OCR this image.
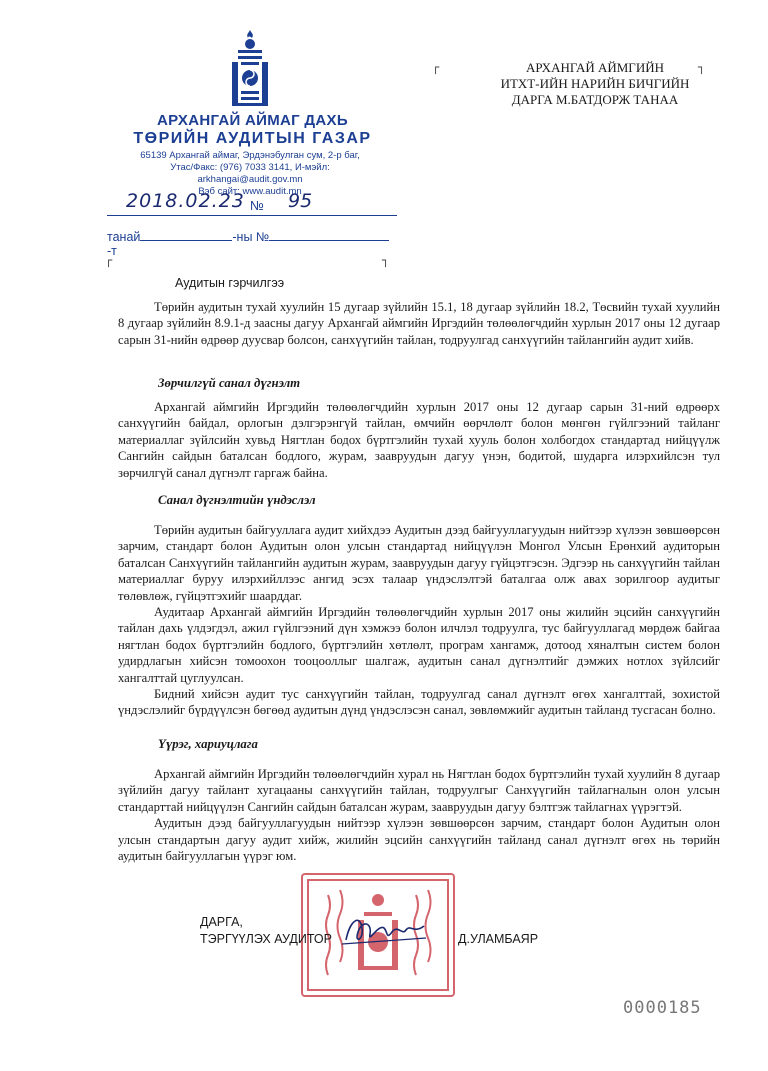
АРХАНГАЙ АЙМАГ ДАХЬ
ТӨРИЙН АУДИТЫН ГАЗАР
65139 Архангай аймаг, Эрдэнэбулган сум, 2-р баг,
Утас/Факс: (976) 7033 3141, И-мэйл: arkhangai@audit.gov.mn
Вэб сайт: www.audit.mn
2018.02.23 № 95
танай	-ны №-т
┌	┐
Аудитын гэрчилгээ
┌	┐
АРХАНГАЙ АЙМГИЙН
ИТХТ-ИЙН НАРИЙН БИЧГИЙН
ДАРГА М.БАТДОРЖ ТАНАА

Төрийн аудитын тухай хуулийн 15 дугаар зүйлийн 15.1, 18 дугаар зүйлийн 18.2, Төсвийн тухай хуулийн 8 дугаар зүйлийн 8.9.1-д заасны дагуу Архангай аймгийн Иргэдийн төлөөлөгчдийн хурлын 2017 оны 12 дугаар сарын 31-нийн өдрөөр дуусвар болсон, санхүүгийн тайлан, тодруулгад санхүүгийн тайлангийн аудит хийв.

Зөрчилгүй санал дүгнэлт

Архангай аймгийн Иргэдийн төлөөлөгчдийн хурлын 2017 оны 12 дугаар сарын 31-ний өдрөөрх санхүүгийн байдал, орлогын дэлгэрэнгүй тайлан, өмчийн өөрчлөлт болон мөнгөн гүйлгээний тайланг материаллаг зүйлсийн хувьд Нягтлан бодох бүртгэлийн тухай хууль болон холбогдох стандартад нийцүүлж Сангийн сайдын баталсан бодлого, журам, заавруудын дагуу үнэн, бодитой, шударга илэрхийлсэн тул зөрчилгүй санал дүгнэлт гаргаж байна.

Санал дүгнэлтийн үндэслэл

Төрийн аудитын байгууллага аудит хийхдээ Аудитын дээд байгууллагуудын нийтээр хүлээн зөвшөөрсөн зарчим, стандарт болон Аудитын олон улсын стандартад нийцүүлэн Монгол Улсын Ерөнхий аудиторын баталсан Санхүүгийн тайлангийн аудитын журам, заавруудын дагуу гүйцэтгэсэн. Эдгээр нь санхүүгийн тайлан материаллаг буруу илэрхийллээс ангид эсэх талаар үндэслэлтэй баталгаа олж авах зорилгоор аудитыг төлөвлөж, гүйцэтгэхийг шаарддаг.

Аудитаар Архангай аймгийн Иргэдийн төлөөлөгчдийн хурлын 2017 оны жилийн эцсийн санхүүгийн тайлан дахь үлдэгдэл, ажил гүйлгээний дүн хэмжээ болон илчлэл тодруулга, тус байгууллагад мөрдөж байгаа нягтлан бодох бүртгэлийн бодлого, бүртгэлийн хөтлөлт, програм хангамж, дотоод хяналтын систем болон удирдлагын хийсэн томоохон тооцооллыг шалгаж, аудитын санал дүгнэлтийг дэмжих нотлох зүйлсийг хангалттай цуглуулсан.

Бидний хийсэн аудит тус санхүүгийн тайлан, тодруулгад санал дүгнэлт өгөх хангалттай, зохистой үндэслэлийг бүрдүүлсэн бөгөөд аудитын дүнд үндэслэсэн санал, зөвлөмжийг аудитын тайланд тусгасан болно.

Үүрэг, хариуцлага

Архангай аймгийн Иргэдийн төлөөлөгчдийн хурал нь Нягтлан бодох бүртгэлийн тухай хуулийн 8 дугаар зүйлийн дагуу тайлант хугацааны санхүүгийн тайлан, тодруулгыг Санхүүгийн тайлагналын олон улсын стандарттай нийцүүлэн Сангийн сайдын баталсан журам, заавруудын дагуу бэлтгэж тайлагнах үүрэгтэй.

Аудитын дээд байгууллагуудын нийтээр хүлээн зөвшөөрсөн зарчим, стандарт болон Аудитын олон улсын стандартын дагуу аудит хийж, жилийн эцсийн санхүүгийн тайланд санал дүгнэлт өгөх нь төрийн аудитын байгууллагын үүрэг юм.

ДАРГА,
ТЭРГҮҮЛЭХ АУДИТОР	Д.УЛАМБАЯР
0000185
